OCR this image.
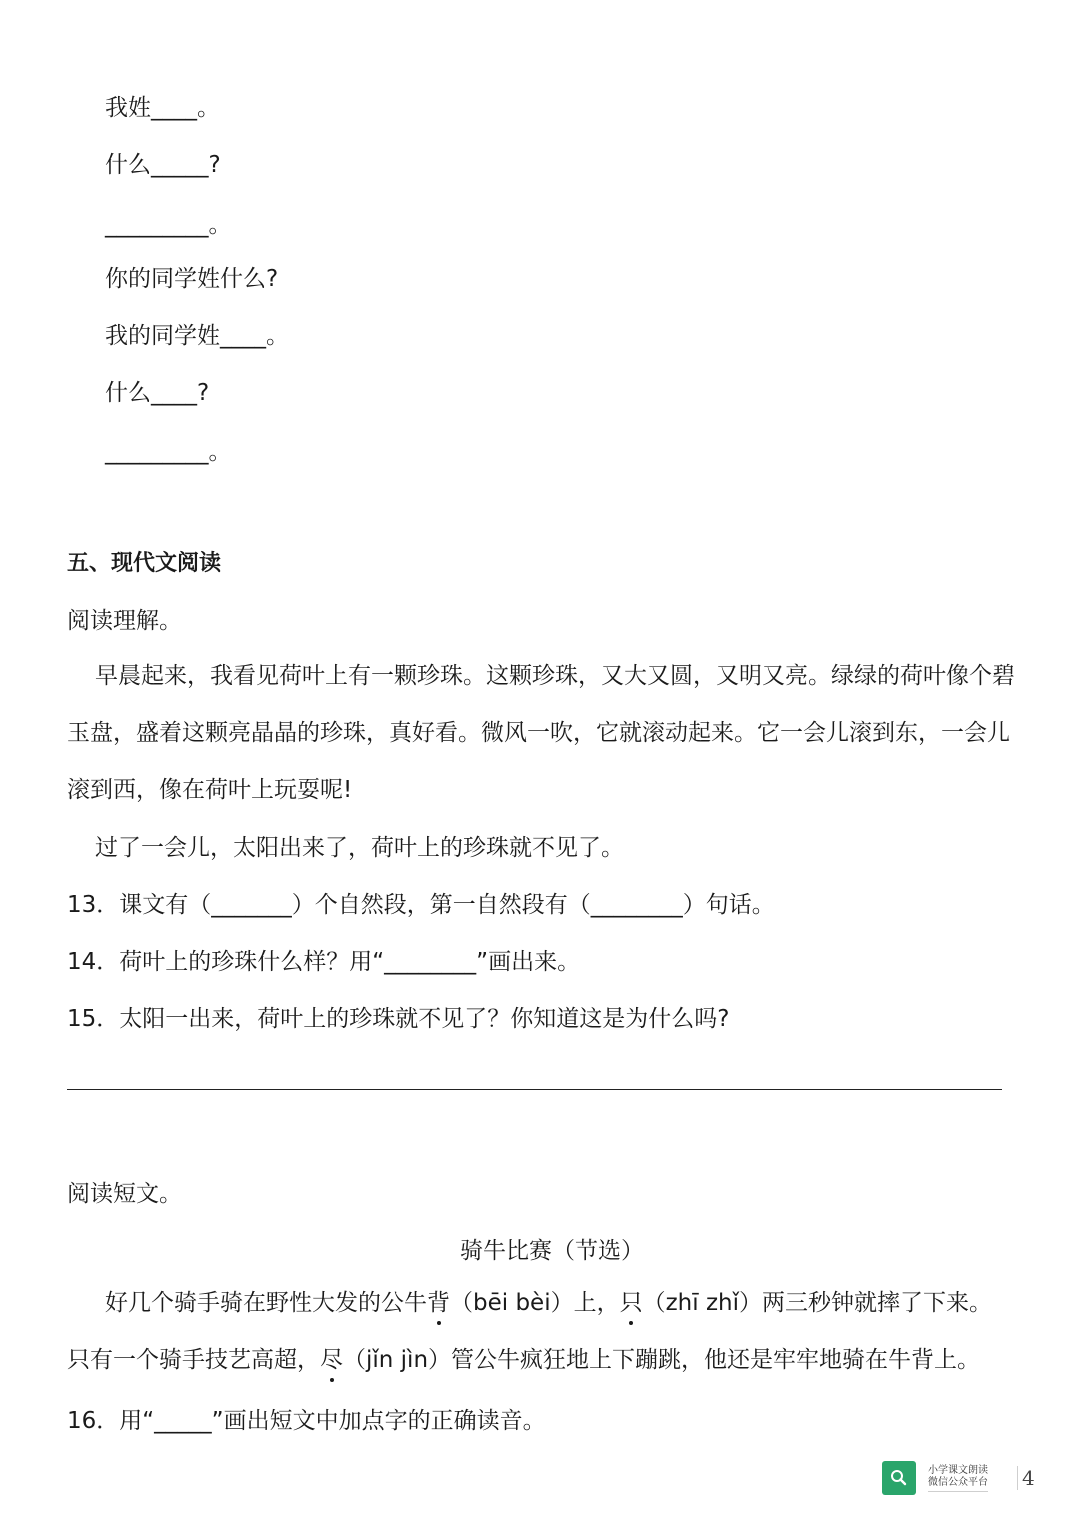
我姓____。
什么_____?
_________。
你的同学姓什么?
我的同学姓____。
什么____?
_________。
五、现代文阅读
阅读理解。
早晨起来，我看见荷叶上有一颗珍珠。这颗珍珠，又大又圆，又明又亮。绿绿的荷叶像个碧玉盘，盛着这颗亮晶晶的珍珠，真好看。微风一吹，它就滚动起来。它一会儿滚到东，一会儿滚到西，像在荷叶上玩耍呢!
过了一会儿，太阳出来了，荷叶上的珍珠就不见了。
13．课文有（_______）个自然段，第一自然段有（________）句话。
14．荷叶上的珍珠什么样？用“________”画出来。
15．太阳一出来，荷叶上的珍珠就不见了？你知道这是为什么吗?
阅读短文。
骑牛比赛（节选）
好几个骑手骑在野性大发的公牛背（bēi bèi）上，只（zhī zhǐ）两三秒钟就摔了下来。
只有一个骑手技艺高超，尽（jǐn jìn）管公牛疯狂地上下蹦跳，他还是牢牢地骑在牛背上。
16．用“_____”画出短文中加点字的正确读音。
小学课文朗读
微信公众平台 4
